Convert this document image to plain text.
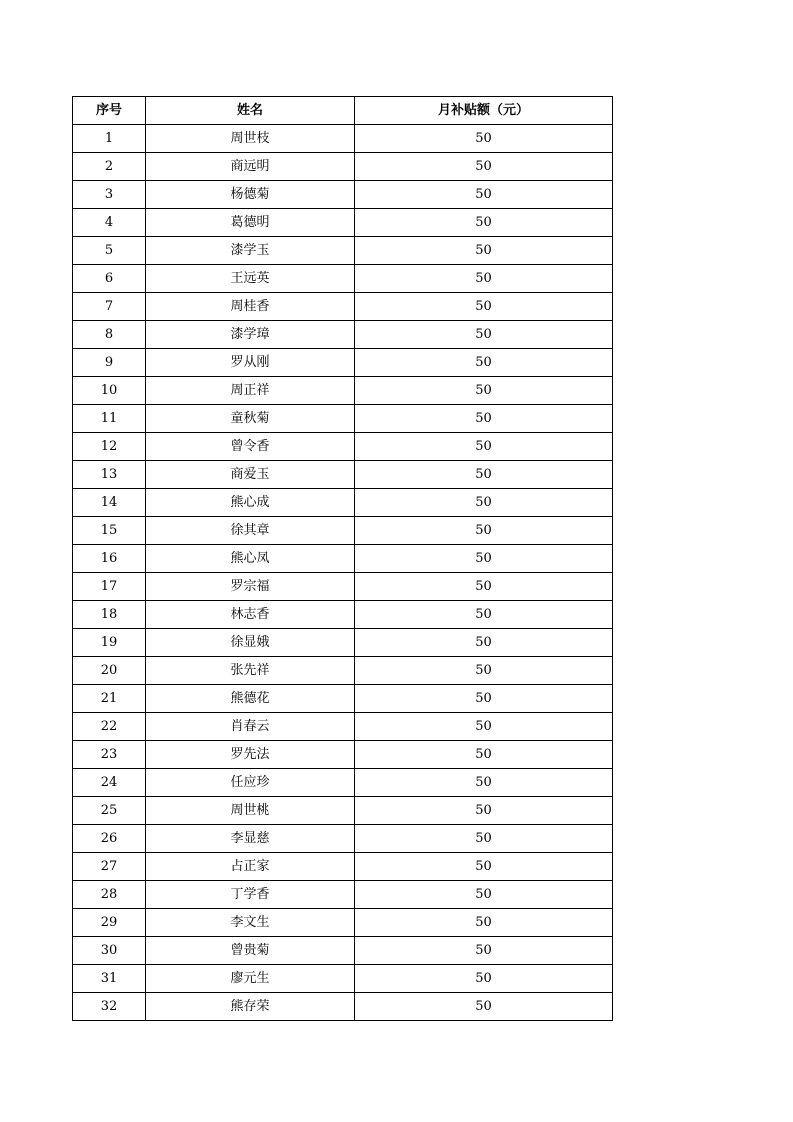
序号	姓名	月补贴额（元）
1	周世枝	50
2	商远明	50
3	杨德菊	50
4	葛德明	50
5	漆学玉	50
6	王远英	50
7	周桂香	50
8	漆学璋	50
9	罗从刚	50
10	周正祥	50
11	童秋菊	50
12	曾令香	50
13	商爱玉	50
14	熊心成	50
15	徐其章	50
16	熊心凤	50
17	罗宗福	50
18	林志香	50
19	徐显娥	50
20	张先祥	50
21	熊德花	50
22	肖春云	50
23	罗先法	50
24	任应珍	50
25	周世桃	50
26	李显慈	50
27	占正家	50
28	丁学香	50
29	李文生	50
30	曾贵菊	50
31	廖元生	50
32	熊存荣	50
